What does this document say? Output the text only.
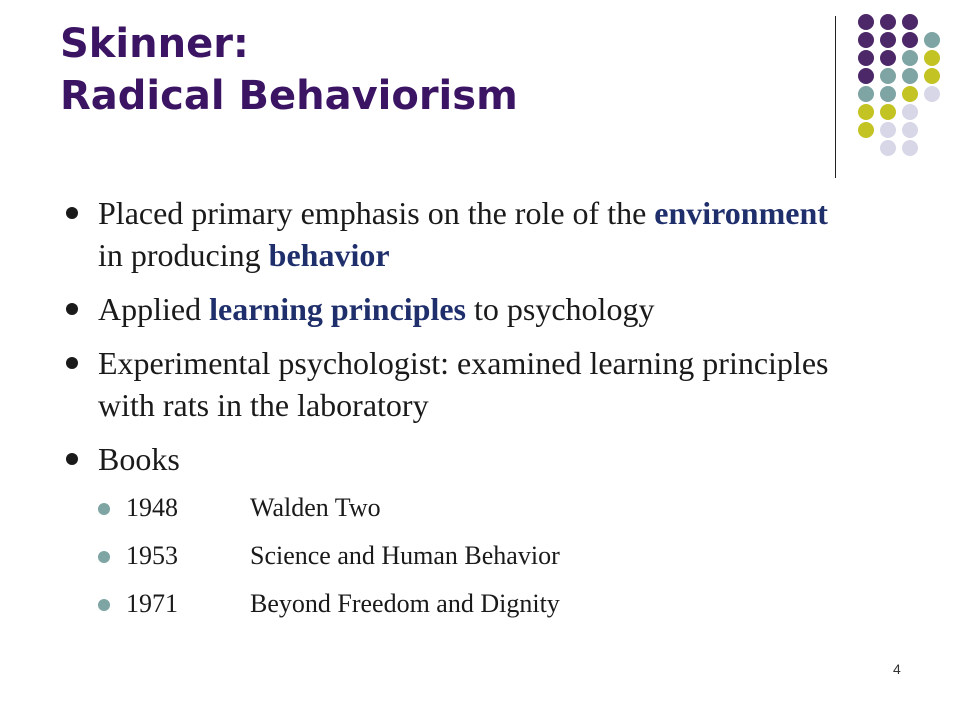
Skinner:
Radical Behaviorism
Placed primary emphasis on the role of the environment in producing behavior
Applied learning principles to psychology
Experimental psychologist: examined learning principles with rats in the laboratory
Books
1948	Walden Two
1953	Science and Human Behavior
1971	Beyond Freedom and Dignity
4
